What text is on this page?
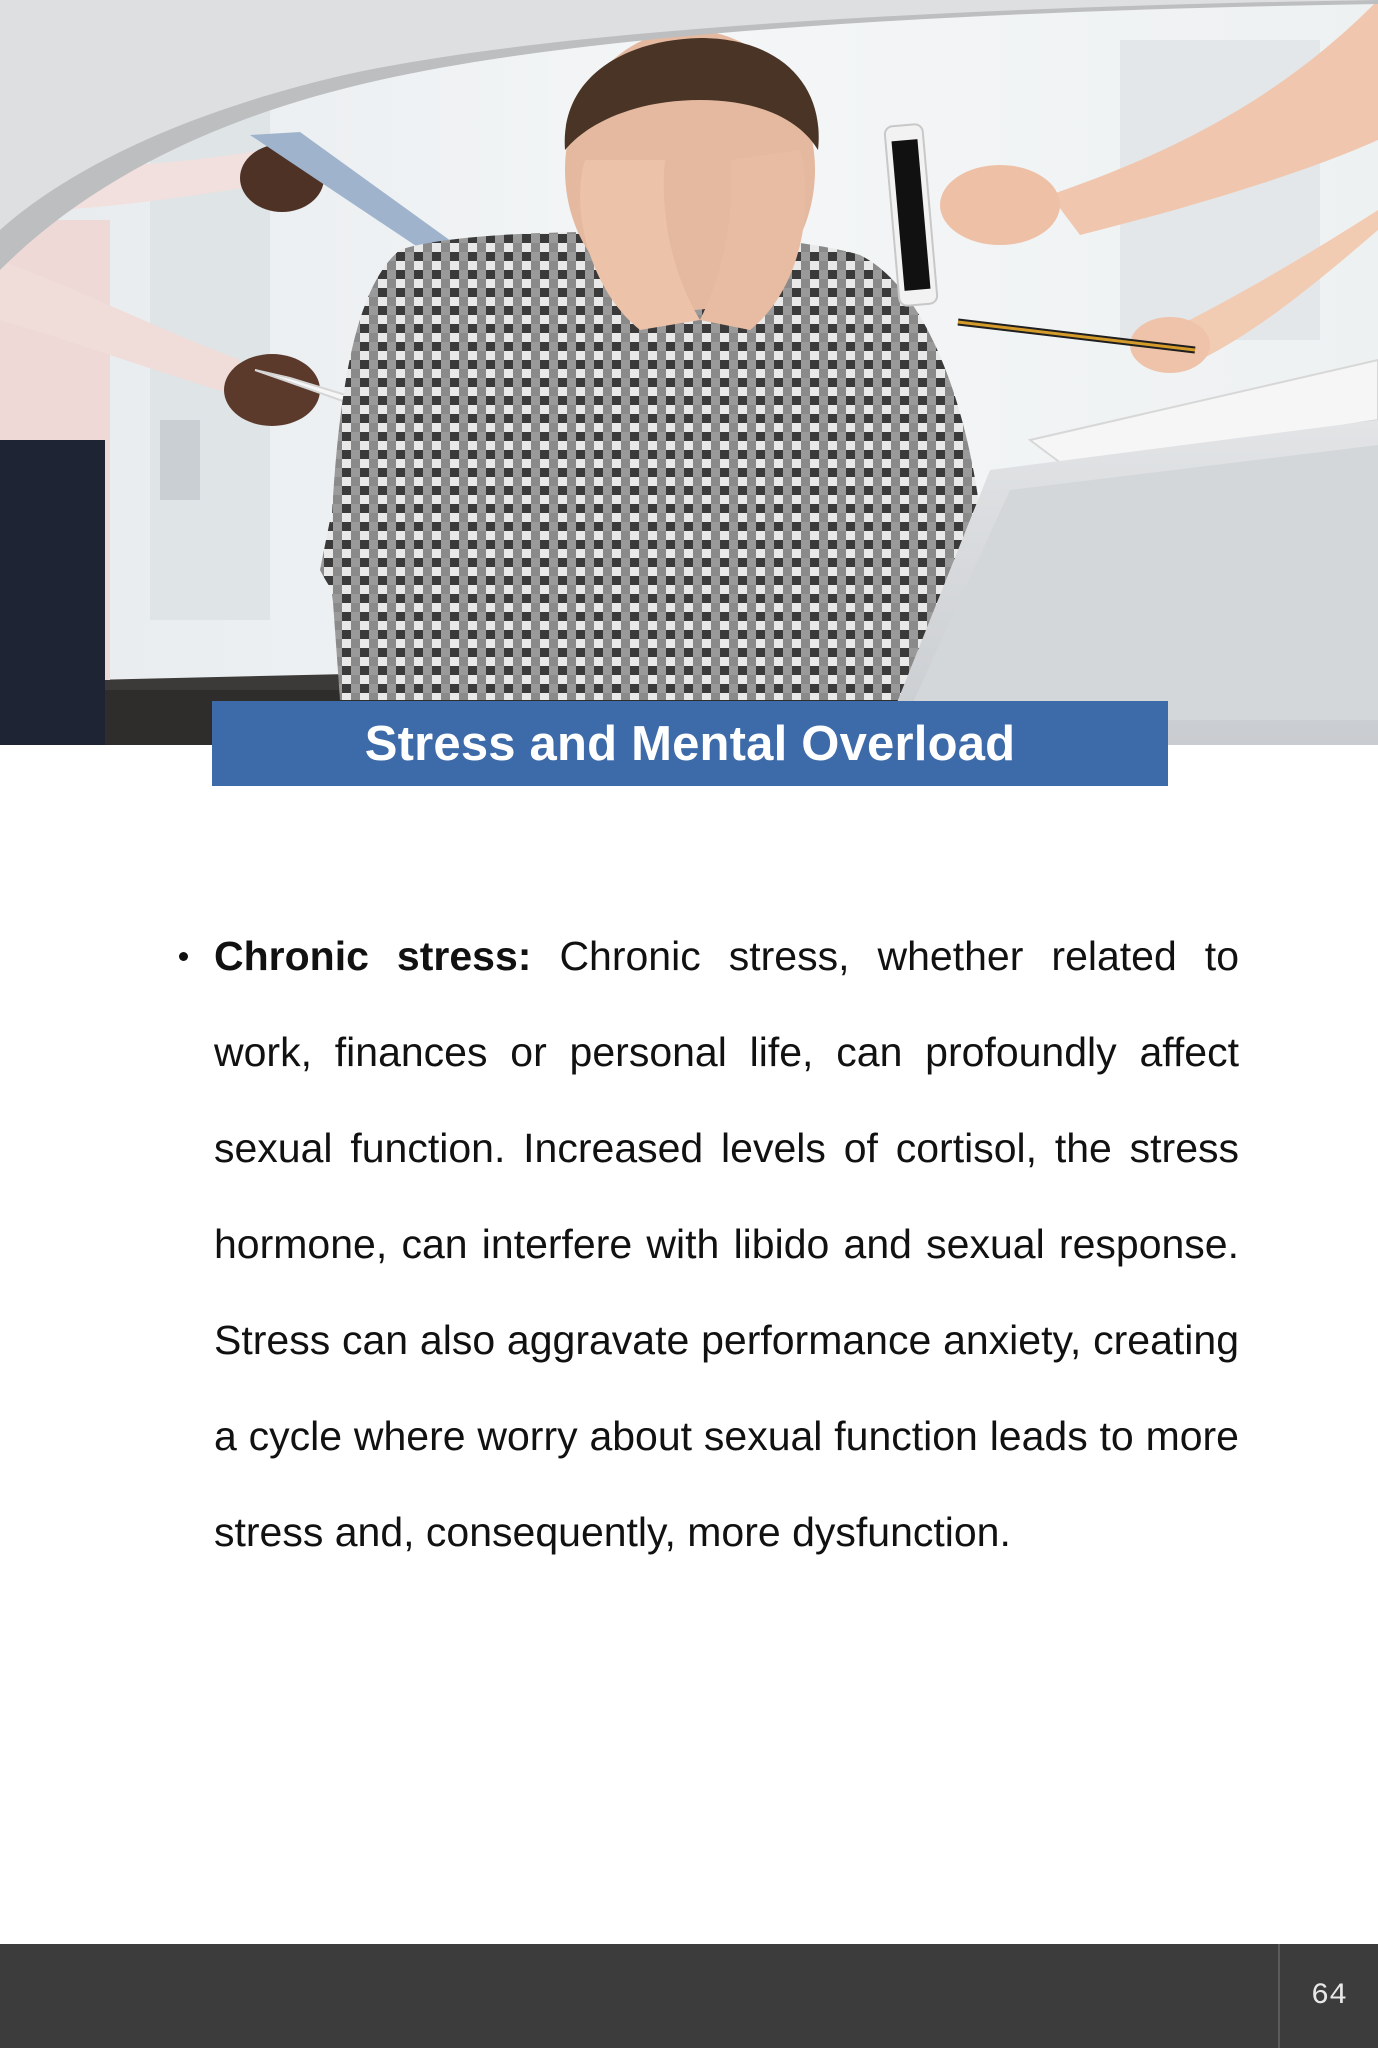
Stress and Mental Overload
Chronic stress: Chronic stress, whether related to work, finances or personal life, can profoundly affect sexual function. Increased levels of cortisol, the stress hormone, can interfere with libido and sexual response. Stress can also aggravate performance anxiety, creating a cycle where worry about sexual function leads to more stress and, consequently, more dysfunction.
64
